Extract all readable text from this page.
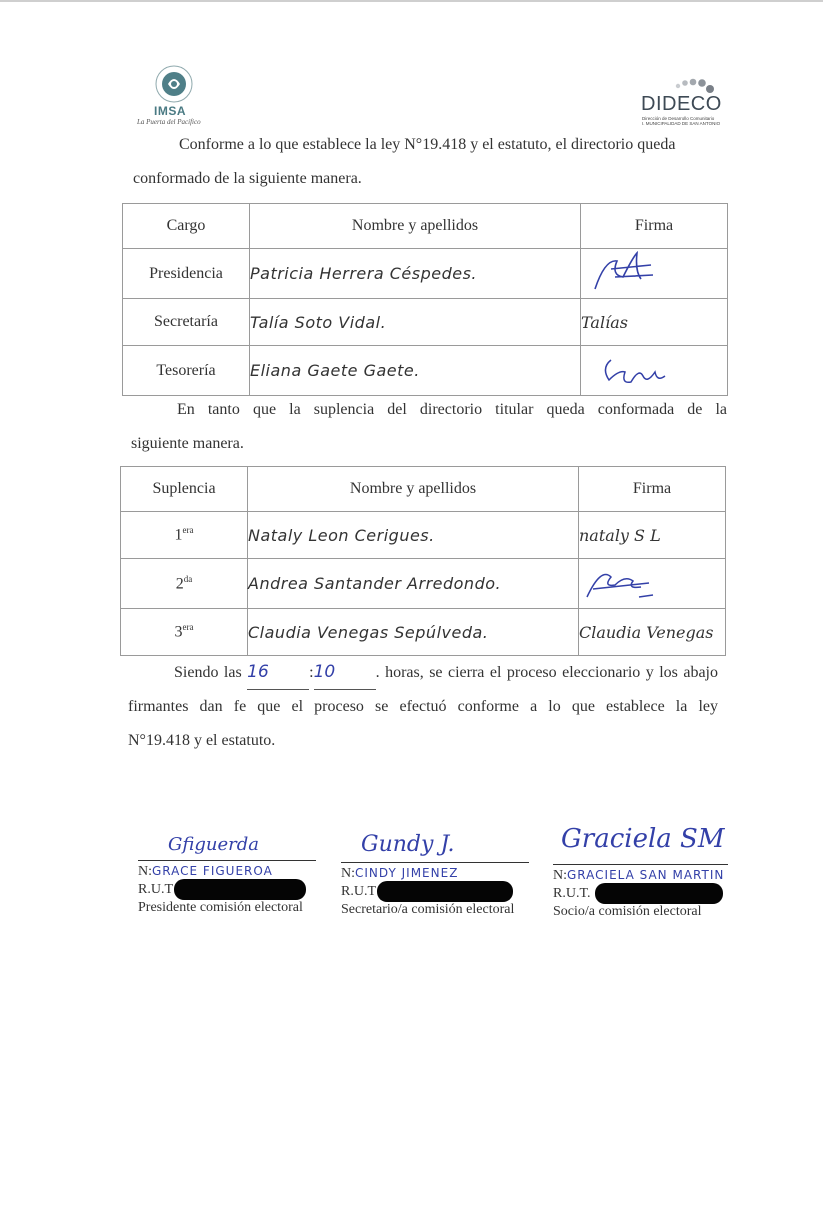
IMSA
La Puerta del Pacífico
DIDECO
Dirección de Desarrollo Comunitario
I. MUNICIPALIDAD DE SAN ANTONIO
Conforme a lo que establece la ley N°19.418 y el estatuto, el directorio queda
conformado de la siguiente manera.
Cargo	Nombre y apellidos	Firma
Presidencia	Patricia Herrera Céspedes.	
Secretaría	Talía Soto Vidal.	Talías
Tesorería	Eliana Gaete Gaete.	
En tanto que la suplencia del directorio titular queda conformada de la
siguiente manera.
Suplencia	Nombre y apellidos	Firma
$1^{era}$	Nataly Leon Cerigues.	nataly S L
$2^{da}$	Andrea Santander Arredondo.	
$3^{era}$	Claudia Venegas Sepúlveda.	Claudia Venegas
Siendo las 16	:10	. horas, se cierra el proceso eleccionario y los abajo
firmantes dan fe que el proceso se efectuó conforme a lo que establece la ley
N°19.418 y el estatuto.
Gfiguerda
N:GRACE FIGUEROA
R.U.T
Presidente comisión electoral
Gundy J.
N:CINDY JIMENEZ
R.U.T
Secretario/a comisión electoral
Graciela SM
N:GRACIELA SAN MARTIN
R.U.T.
Socio/a comisión electoral
